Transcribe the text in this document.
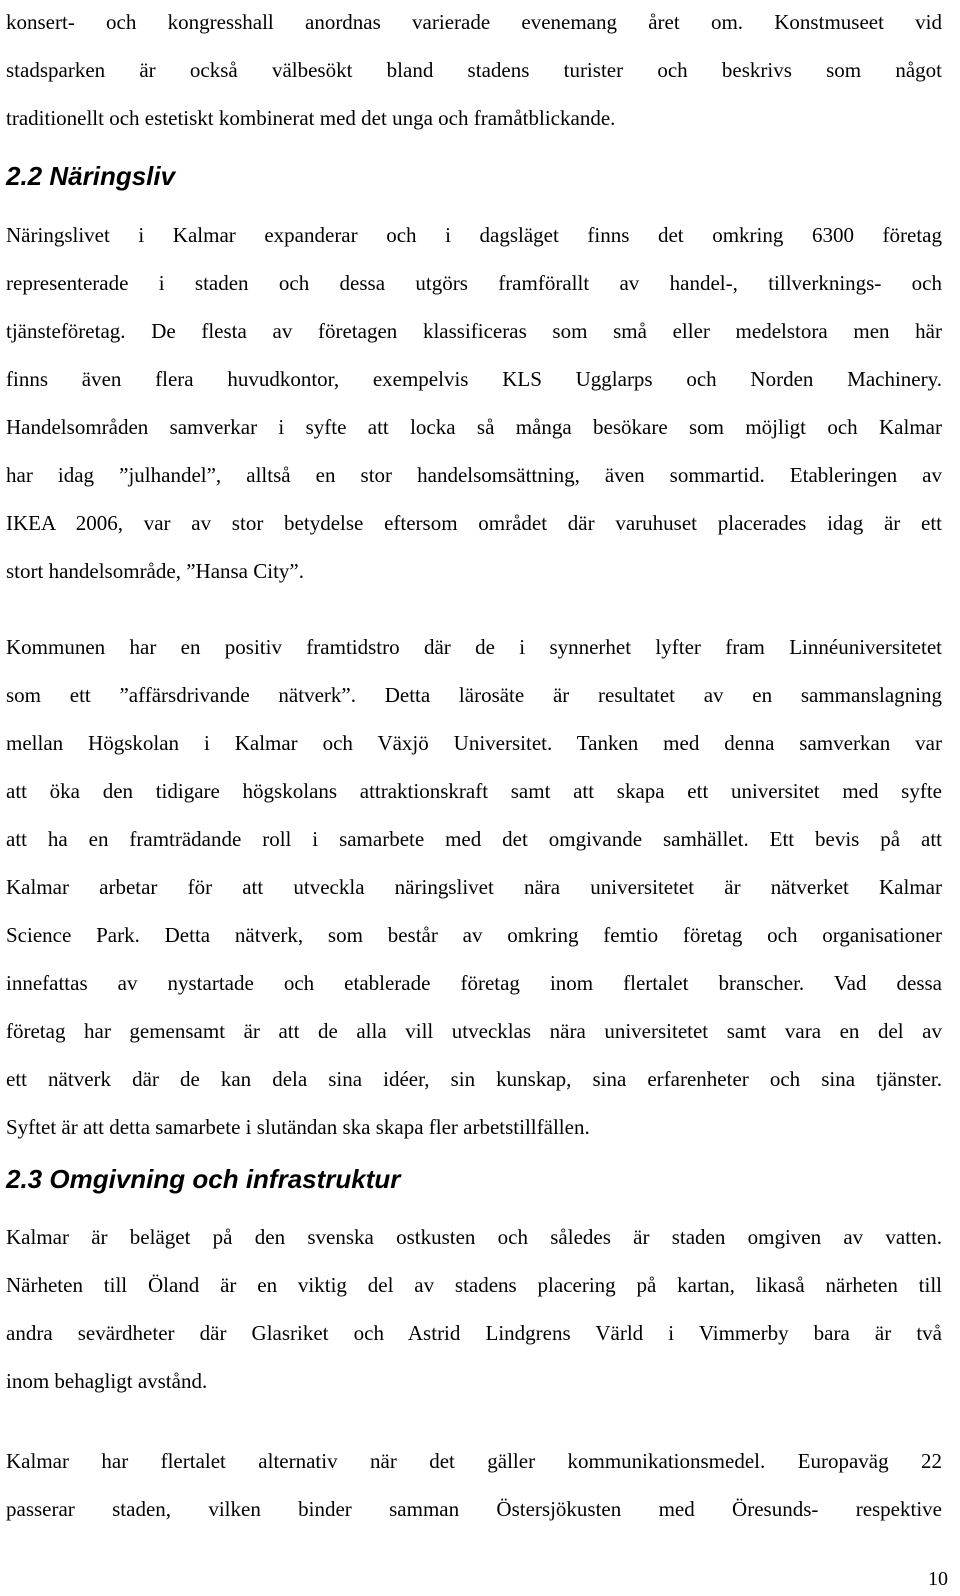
konsert- och kongresshall anordnas varierade evenemang året om. Konstmuseet vid
stadsparken är också välbesökt bland stadens turister och beskrivs som något
traditionellt och estetiskt kombinerat med det unga och framåtblickande.
2.2 Näringsliv
Näringslivet i Kalmar expanderar och i dagsläget finns det omkring 6300 företag
representerade i staden och dessa utgörs framförallt av handel-, tillverknings- och
tjänsteföretag. De flesta av företagen klassificeras som små eller medelstora men här
finns även flera huvudkontor, exempelvis KLS Ugglarps och Norden Machinery.
Handelsområden samverkar i syfte att locka så många besökare som möjligt och Kalmar
har idag ”julhandel”, alltså en stor handelsomsättning, även sommartid. Etableringen av
IKEA 2006, var av stor betydelse eftersom området där varuhuset placerades idag är ett
stort handelsområde, ”Hansa City”.
Kommunen har en positiv framtidstro där de i synnerhet lyfter fram Linnéuniversitetet
som ett ”affärsdrivande nätverk”. Detta lärosäte är resultatet av en sammanslagning
mellan Högskolan i Kalmar och Växjö Universitet. Tanken med denna samverkan var
att öka den tidigare högskolans attraktionskraft samt att skapa ett universitet med syfte
att ha en framträdande roll i samarbete med det omgivande samhället. Ett bevis på att
Kalmar arbetar för att utveckla näringslivet nära universitetet är nätverket Kalmar
Science Park. Detta nätverk, som består av omkring femtio företag och organisationer
innefattas av nystartade och etablerade företag inom flertalet branscher. Vad dessa
företag har gemensamt är att de alla vill utvecklas nära universitetet samt vara en del av
ett nätverk där de kan dela sina idéer, sin kunskap, sina erfarenheter och sina tjänster.
Syftet är att detta samarbete i slutändan ska skapa fler arbetstillfällen.
2.3 Omgivning och infrastruktur
Kalmar är beläget på den svenska ostkusten och således är staden omgiven av vatten.
Närheten till Öland är en viktig del av stadens placering på kartan, likaså närheten till
andra sevärdheter där Glasriket och Astrid Lindgrens Värld i Vimmerby bara är två
inom behagligt avstånd.
Kalmar har flertalet alternativ när det gäller kommunikationsmedel. Europaväg 22
passerar staden, vilken binder samman Östersjökusten med Öresunds- respektive
10
